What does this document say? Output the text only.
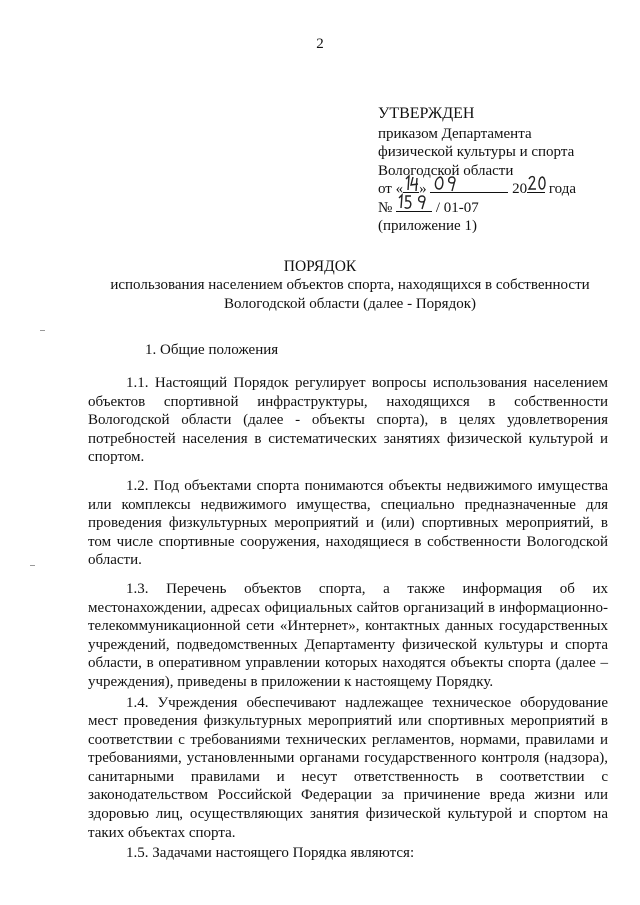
2
УТВЕРЖДЕН
приказом Департамента
физической культуры и спорта
Вологодской области
от « »	20 года
№	/ 01-07
(приложение 1)
ПОРЯДОК
использования населением объектов спорта, находящихся в собственности Вологодской области (далее - Порядок)
1. Общие положения

1.1. Настоящий Порядок регулирует вопросы использования населением объектов спортивной инфраструктуры, находящихся в собственности Вологодской области (далее - объекты спорта), в целях удовлетворения потребностей населения в систематических занятиях физической культурой и спортом.

1.2. Под объектами спорта понимаются объекты недвижимого имущества или комплексы недвижимого имущества, специально предназначенные для проведения физкультурных мероприятий и (или) спортивных мероприятий, в том числе спортивные сооружения, находящиеся в собственности Вологодской области.

1.3. Перечень объектов спорта, а также информация об их местонахождении, адресах официальных сайтов организаций в информационно-телекоммуникационной сети «Интернет», контактных данных государственных учреждений, подведомственных Департаменту физической культуры и спорта области, в оперативном управлении которых находятся объекты спорта (далее – учреждения), приведены в приложении к настоящему Порядку.

1.4. Учреждения обеспечивают надлежащее техническое оборудование мест проведения физкультурных мероприятий или спортивных мероприятий в соответствии с требованиями технических регламентов, нормами, правилами и требованиями, установленными органами государственного контроля (надзора), санитарными правилами и несут ответственность в соответствии с законодательством Российской Федерации за причинение вреда жизни или здоровью лиц, осуществляющих занятия физической культурой и спортом на таких объектах спорта.

1.5. Задачами настоящего Порядка являются:
